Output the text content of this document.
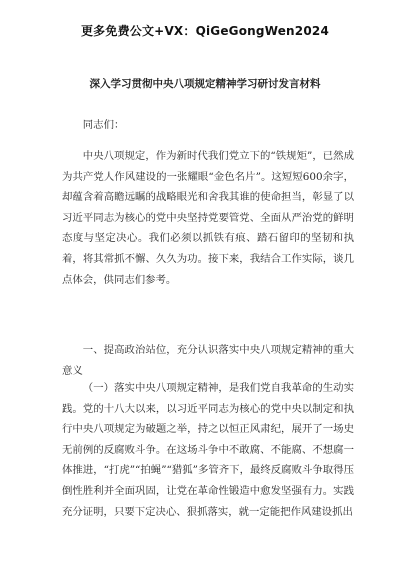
更多免费公文+VX：QiGeGongWen2024
深入学习贯彻中央八项规定精神学习研讨发言材料

同志们：

中央八项规定，作为新时代我们党立下的“铁规矩”，已然成为共产党人作风建设的一张耀眼“金色名片”。这短短600余字，却蕴含着高瞻远瞩的战略眼光和舍我其谁的使命担当，彰显了以习近平同志为核心的党中央坚持党要管党、全面从严治党的鲜明态度与坚定决心。我们必须以抓铁有痕、踏石留印的坚韧和执着，将其常抓不懈、久久为功。接下来，我结合工作实际，谈几点体会，供同志们参考。

一、提高政治站位，充分认识落实中央八项规定精神的重大意义

（一）落实中央八项规定精神，是我们党自我革命的生动实践。党的十八大以来，以习近平同志为核心的党中央以制定和执行中央八项规定为破题之举，持之以恒正风肃纪，展开了一场史无前例的反腐败斗争。在这场斗争中不敢腐、不能腐、不想腐一体推进，“打虎”“拍蝇”“猎狐”多管齐下，最终反腐败斗争取得压倒性胜利并全面巩固，让党在革命性锻造中愈发坚强有力。实践充分证明，只要下定决心、狠抓落实，就一定能把作风建设抓出
